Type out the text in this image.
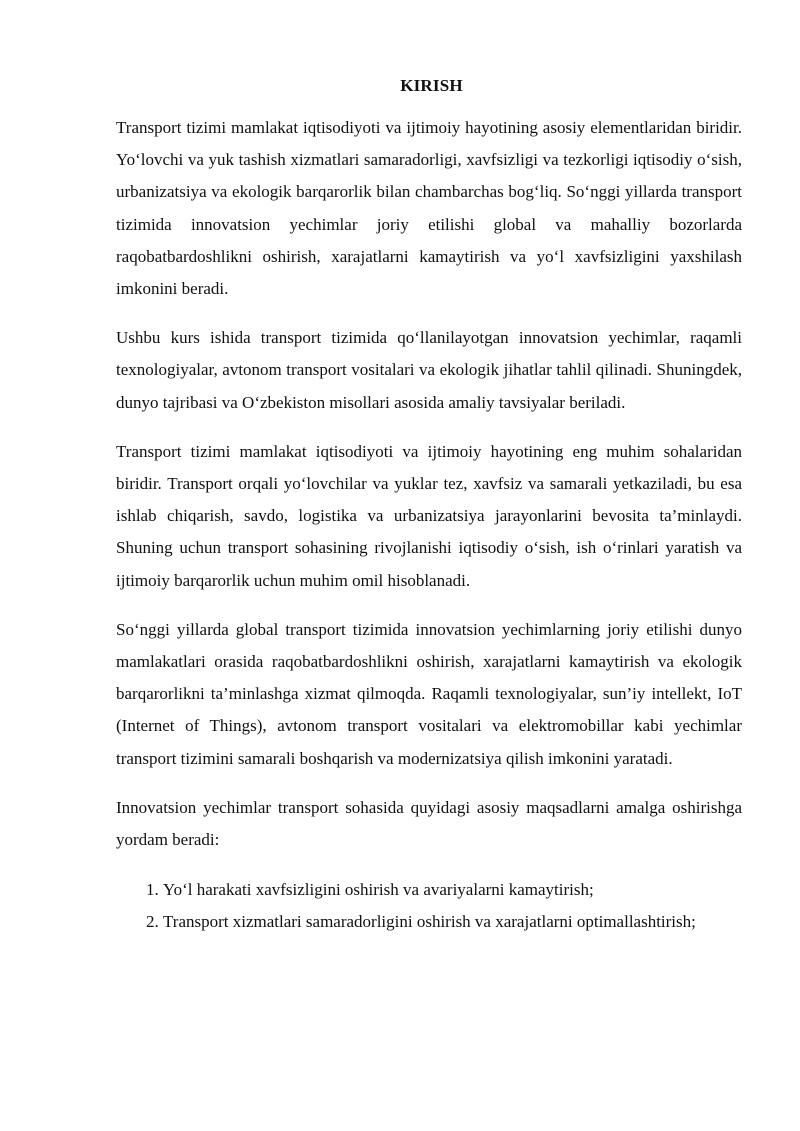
KIRISH

Transport tizimi mamlakat iqtisodiyoti va ijtimoiy hayotining asosiy elementlaridan biridir. Yo‘lovchi va yuk tashish xizmatlari samaradorligi, xavfsizligi va tezkorligi iqtisodiy o‘sish, urbanizatsiya va ekologik barqarorlik bilan chambarchas bog‘liq. So‘nggi yillarda transport tizimida innovatsion yechimlar joriy etilishi global va mahalliy bozorlarda raqobatbardoshlikni oshirish, xarajatlarni kamaytirish va yo‘l xavfsizligini yaxshilash imkonini beradi.

Ushbu kurs ishida transport tizimida qo‘llanilayotgan innovatsion yechimlar, raqamli texnologiyalar, avtonom transport vositalari va ekologik jihatlar tahlil qilinadi. Shuningdek, dunyo tajribasi va O‘zbekiston misollari asosida amaliy tavsiyalar beriladi.

Transport tizimi mamlakat iqtisodiyoti va ijtimoiy hayotining eng muhim sohalaridan biridir. Transport orqali yo‘lovchilar va yuklar tez, xavfsiz va samarali yetkaziladi, bu esa ishlab chiqarish, savdo, logistika va urbanizatsiya jarayonlarini bevosita ta’minlaydi. Shuning uchun transport sohasining rivojlanishi iqtisodiy o‘sish, ish o‘rinlari yaratish va ijtimoiy barqarorlik uchun muhim omil hisoblanadi.

So‘nggi yillarda global transport tizimida innovatsion yechimlarning joriy etilishi dunyo mamlakatlari orasida raqobatbardoshlikni oshirish, xarajatlarni kamaytirish va ekologik barqarorlikni ta’minlashga xizmat qilmoqda. Raqamli texnologiyalar, sun’iy intellekt, IoT (Internet of Things), avtonom transport vositalari va elektromobillar kabi yechimlar transport tizimini samarali boshqarish va modernizatsiya qilish imkonini yaratadi.

Innovatsion yechimlar transport sohasida quyidagi asosiy maqsadlarni amalga oshirishga yordam beradi:

1. Yo‘l harakati xavfsizligini oshirish va avariyalarni kamaytirish;
2. Transport xizmatlari samaradorligini oshirish va xarajatlarni optimallashtirish;
